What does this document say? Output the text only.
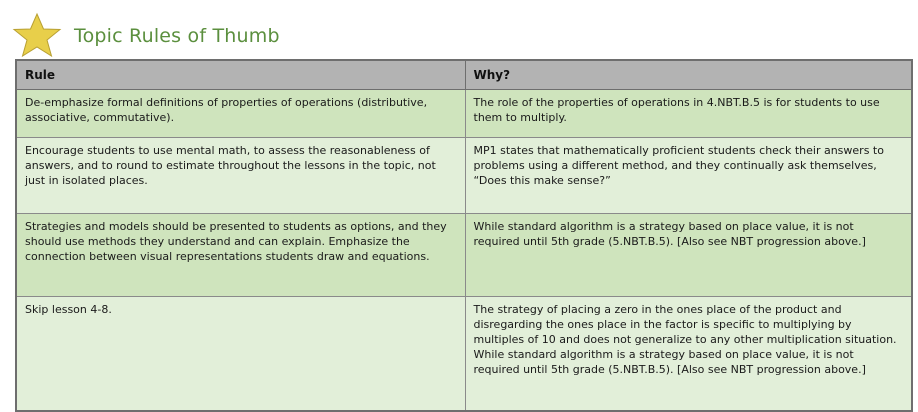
Topic Rules of Thumb
Rule	Why?
De-emphasize formal definitions of properties of operations (distributive, associative, commutative).	The role of the properties of operations in 4.NBT.B.5 is for students to use them to multiply.

Encourage students to use mental math, to assess the reasonableness of answers, and to round to estimate throughout the lessons in the topic, not just in isolated places.	MP1 states that mathematically proficient students check their answers to problems using a different method, and they continually ask themselves, “Does this make sense?”

Strategies and models should be presented to students as options, and they should use methods they understand and can explain. Emphasize the connection between visual representations students draw and equations.	While standard algorithm is a strategy based on place value, it is not required until 5th grade (5.NBT.B.5). [Also see NBT progression above.]

Skip lesson 4-8.	The strategy of placing a zero in the ones place of the product and disregarding the ones place in the factor is specific to multiplying by multiples of 10 and does not generalize to any other multiplication situation.
While standard algorithm is a strategy based on place value, it is not required until 5th grade (5.NBT.B.5). [Also see NBT progression above.]
